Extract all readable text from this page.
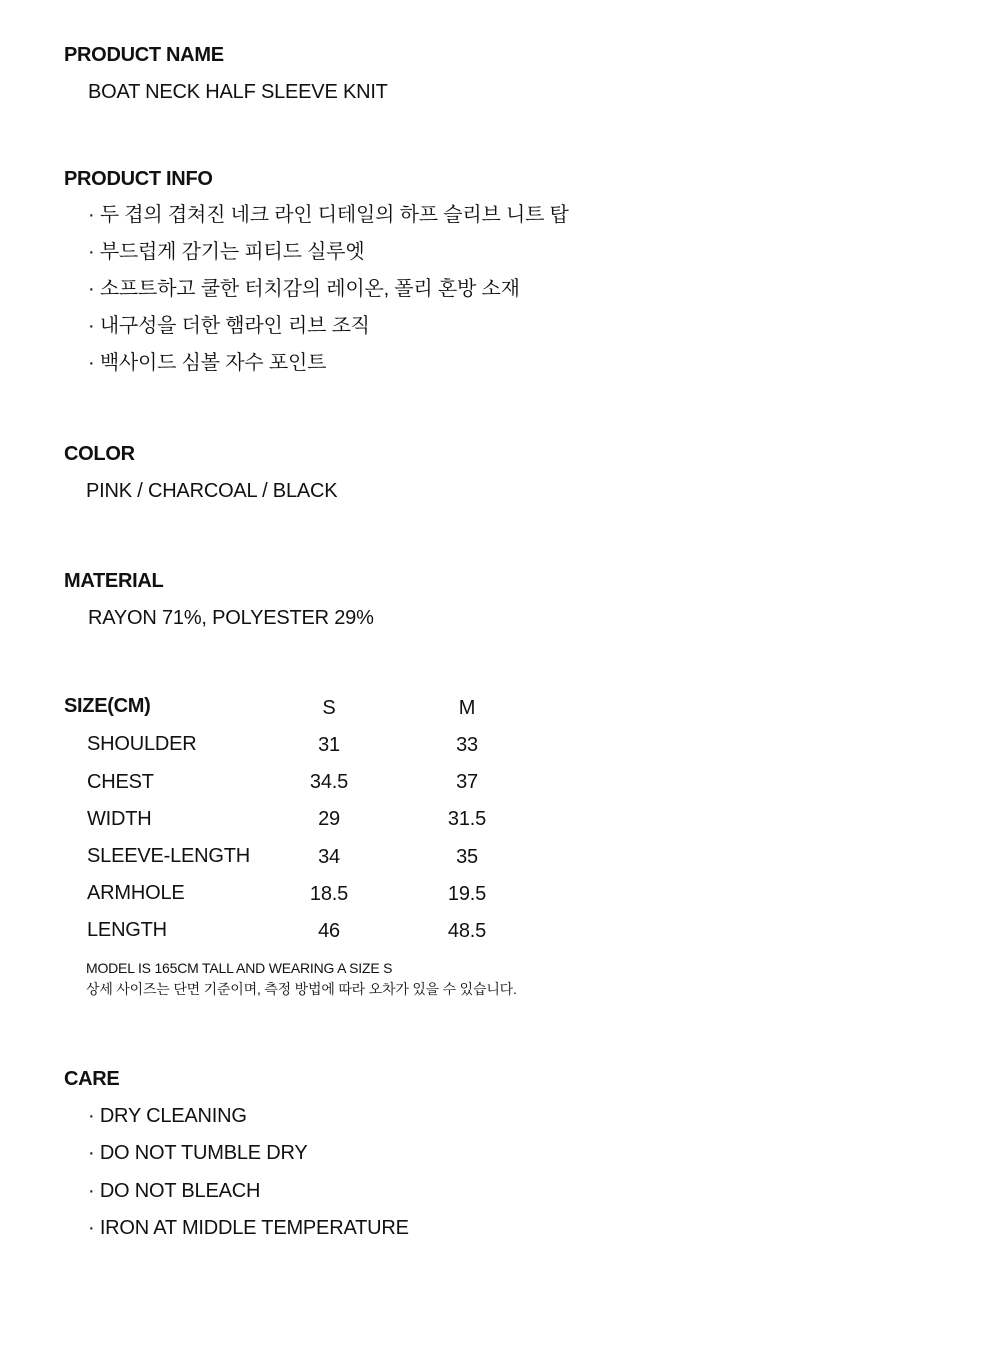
PRODUCT NAME
BOAT NECK HALF SLEEVE KNIT
PRODUCT INFO
· 두 겹의 겹쳐진 네크 라인 디테일의 하프 슬리브 니트 탑
· 부드럽게 감기는 피티드 실루엣
· 소프트하고 쿨한 터치감의 레이온, 폴리 혼방 소재
· 내구성을 더한 햄라인 리브 조직
· 백사이드 심볼 자수 포인트
COLOR
PINK / CHARCOAL / BLACK
MATERIAL
RAYON 71%, POLYESTER 29%
SIZE(CM)	S	M
SHOULDER	31	33
CHEST	34.5	37
WIDTH	29	31.5
SLEEVE-LENGTH	34	35
ARMHOLE	18.5	19.5
LENGTH	46	48.5
MODEL IS 165CM TALL AND WEARING A SIZE S
상세 사이즈는 단면 기준이며, 측정 방법에 따라 오차가 있을 수 있습니다.
CARE
· DRY CLEANING
· DO NOT TUMBLE DRY
· DO NOT BLEACH
· IRON AT MIDDLE TEMPERATURE
